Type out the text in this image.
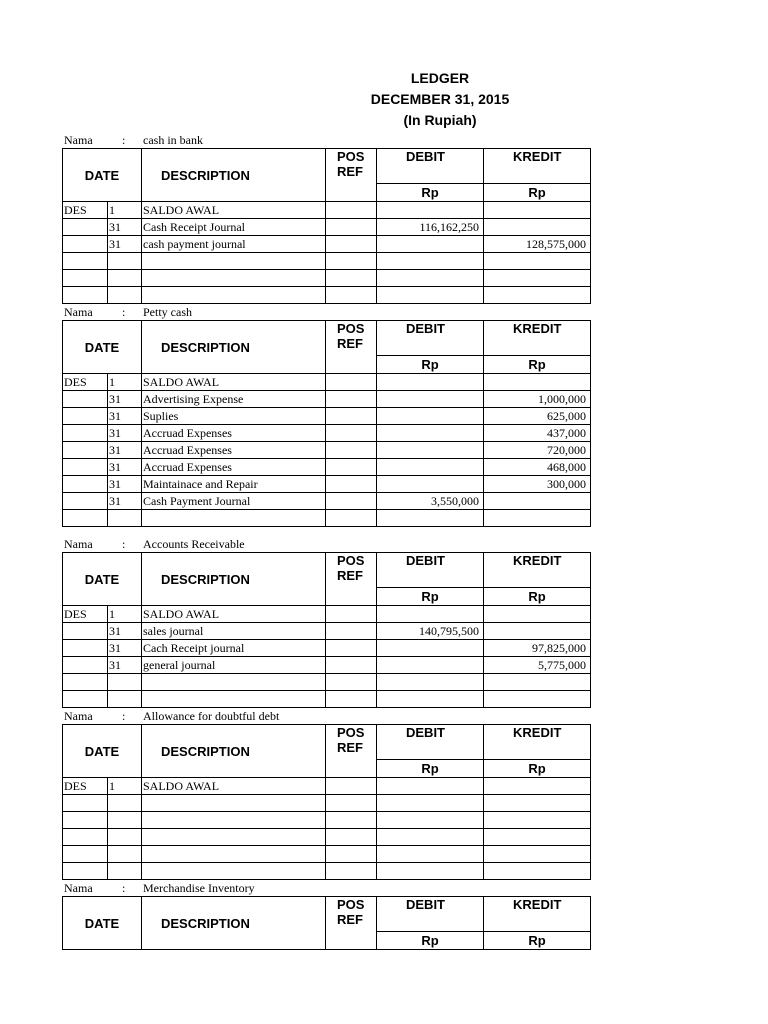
LEDGER
DECEMBER 31, 2015
(In Rupiah)
Nama : cash in bank
DATE		DESCRIPTION	POS
REF	DEBIT	KREDIT
				Rp	Rp
DES	1	SALDO AWAL			
	31	Cash Receipt Journal		116,162,250	
	31	cash payment journal			128,575,000

Nama : Petty cash
DATE		DESCRIPTION	POS
REF	DEBIT	KREDIT
				Rp	Rp
DES	1	SALDO AWAL			
	31	Advertising Expense			1,000,000
	31	Suplies			625,000
	31	Accruad Expenses			437,000
	31	Accruad Expenses			720,000
	31	Accruad Expenses			468,000
	31	Maintainace and Repair			300,000
	31	Cash Payment Journal		3,550,000	

Nama : Accounts Receivable
DATE		DESCRIPTION	POS
REF	DEBIT	KREDIT
				Rp	Rp
DES	1	SALDO AWAL			
	31	sales journal		140,795,500	
	31	Cach Receipt journal			97,825,000
	31	general journal			5,775,000

Nama : Allowance for doubtful debt
DATE		DESCRIPTION	POS
REF	DEBIT	KREDIT
				Rp	Rp
DES	1	SALDO AWAL			

Nama : Merchandise Inventory
DATE	DESCRIPTION	POS
REF	DEBIT	KREDIT
			Rp	Rp
